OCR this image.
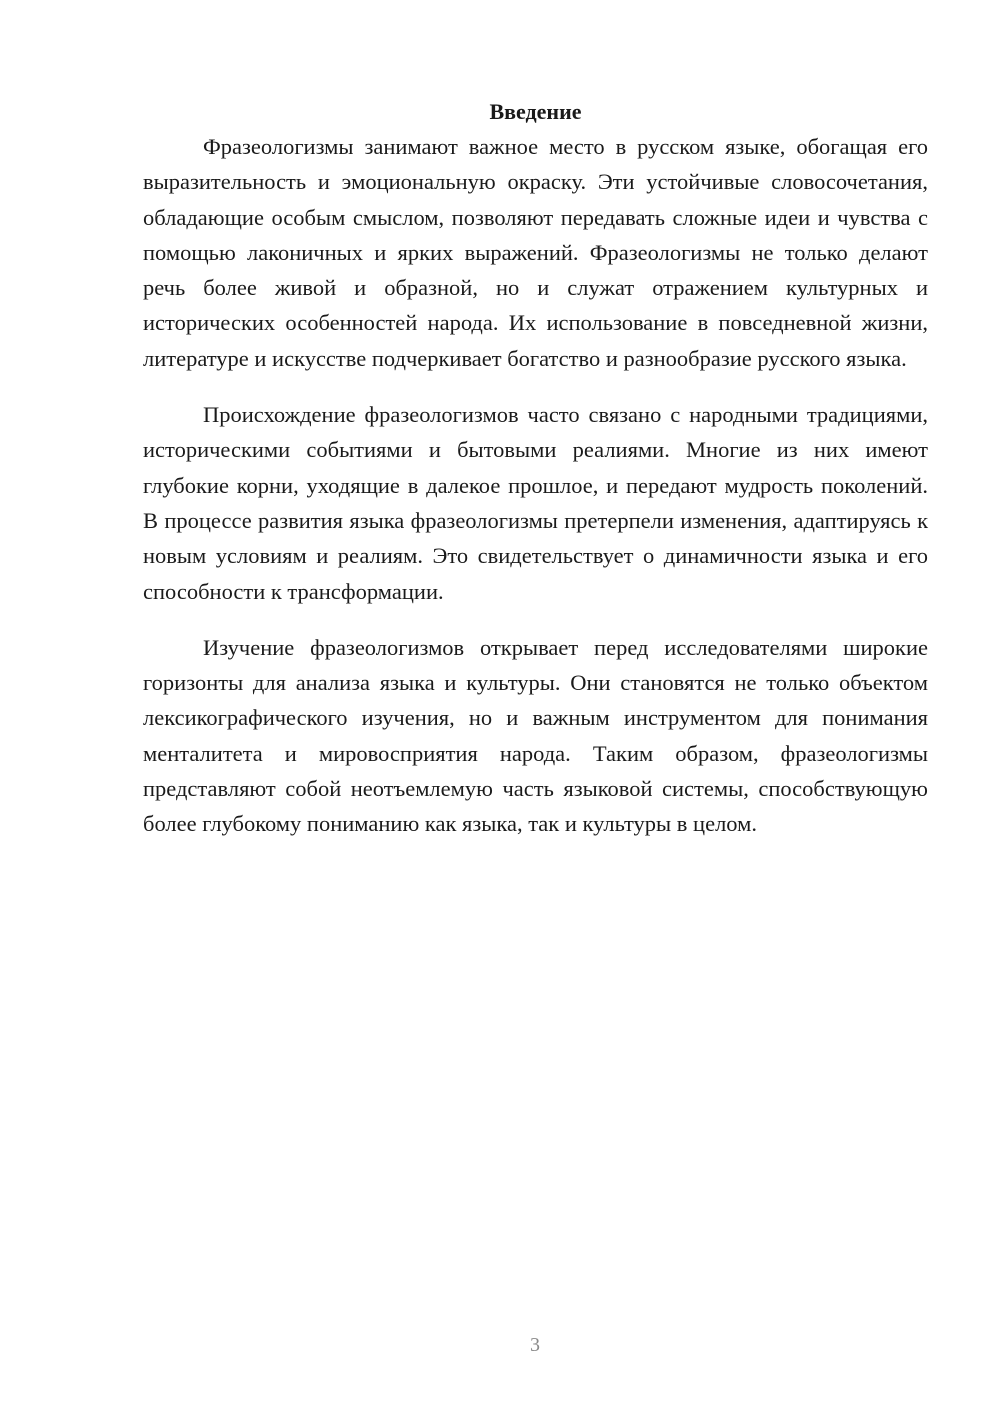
Введение

Фразеологизмы занимают важное место в русском языке, обогащая его выразительность и эмоциональную окраску. Эти устойчивые словосочетания, обладающие особым смыслом, позволяют передавать сложные идеи и чувства с помощью лаконичных и ярких выражений. Фразеологизмы не только делают речь более живой и образной, но и служат отражением культурных и исторических особенностей народа. Их использование в повседневной жизни, литературе и искусстве подчеркивает богатство и разнообразие русского языка.

Происхождение фразеологизмов часто связано с народными традициями, историческими событиями и бытовыми реалиями. Многие из них имеют глубокие корни, уходящие в далекое прошлое, и передают мудрость поколений. В процессе развития языка фразеологизмы претерпели изменения, адаптируясь к новым условиям и реалиям. Это свидетельствует о динамичности языка и его способности к трансформации.

Изучение фразеологизмов открывает перед исследователями широкие горизонты для анализа языка и культуры. Они становятся не только объектом лексикографического изучения, но и важным инструментом для понимания менталитета и мировосприятия народа. Таким образом, фразеологизмы представляют собой неотъемлемую часть языковой системы, способствующую более глубокому пониманию как языка, так и культуры в целом.

3
